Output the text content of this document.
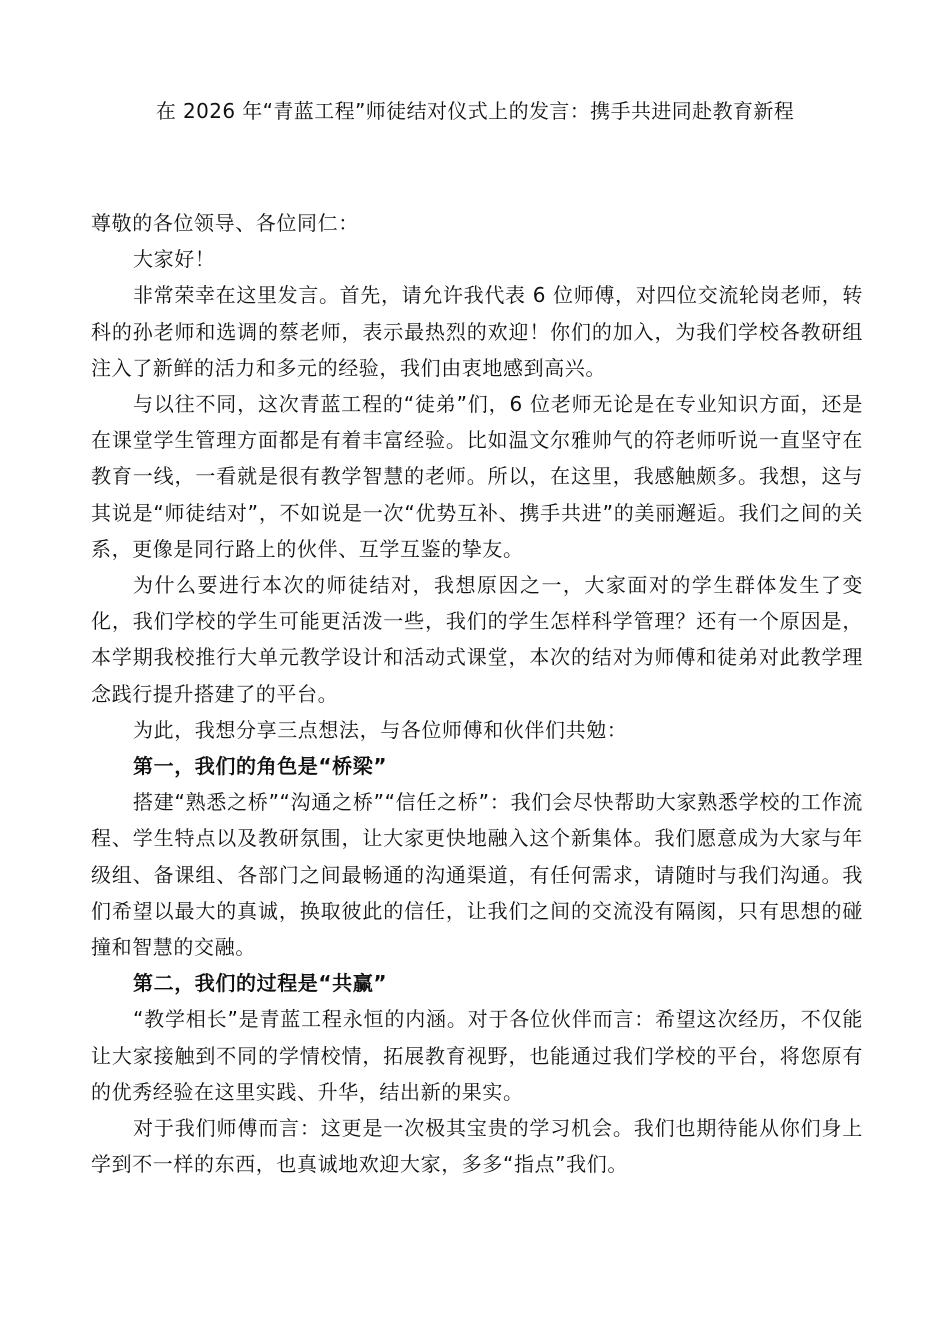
在 2026 年“青蓝工程”师徒结对仪式上的发言：携手共进同赴教育新程

尊敬的各位领导、各位同仁：

大家好！

非常荣幸在这里发言。首先，请允许我代表 6 位师傅，对四位交流轮岗老师，转科的孙老师和选调的蔡老师，表示最热烈的欢迎！你们的加入，为我们学校各教研组注入了新鲜的活力和多元的经验，我们由衷地感到高兴。

与以往不同，这次青蓝工程的“徒弟”们，6 位老师无论是在专业知识方面，还是在课堂学生管理方面都是有着丰富经验。比如温文尔雅帅气的符老师听说一直坚守在教育一线，一看就是很有教学智慧的老师。所以，在这里，我感触颇多。我想，这与其说是“师徒结对”，不如说是一次“优势互补、携手共进”的美丽邂逅。我们之间的关系，更像是同行路上的伙伴、互学互鉴的挚友。

为什么要进行本次的师徒结对，我想原因之一，大家面对的学生群体发生了变化，我们学校的学生可能更活泼一些，我们的学生怎样科学管理？还有一个原因是，本学期我校推行大单元教学设计和活动式课堂，本次的结对为师傅和徒弟对此教学理念践行提升搭建了的平台。

为此，我想分享三点想法，与各位师傅和伙伴们共勉：

第一，我们的角色是“桥梁”

搭建“熟悉之桥”“沟通之桥”“信任之桥”：我们会尽快帮助大家熟悉学校的工作流程、学生特点以及教研氛围，让大家更快地融入这个新集体。我们愿意成为大家与年级组、备课组、各部门之间最畅通的沟通渠道，有任何需求，请随时与我们沟通。我们希望以最大的真诚，换取彼此的信任，让我们之间的交流没有隔阂，只有思想的碰撞和智慧的交融。

第二，我们的过程是“共赢”

“教学相长”是青蓝工程永恒的内涵。对于各位伙伴而言：希望这次经历，不仅能让大家接触到不同的学情校情，拓展教育视野，也能通过我们学校的平台，将您原有的优秀经验在这里实践、升华，结出新的果实。

对于我们师傅而言：这更是一次极其宝贵的学习机会。我们也期待能从你们身上学到不一样的东西，也真诚地欢迎大家，多多“指点”我们。
